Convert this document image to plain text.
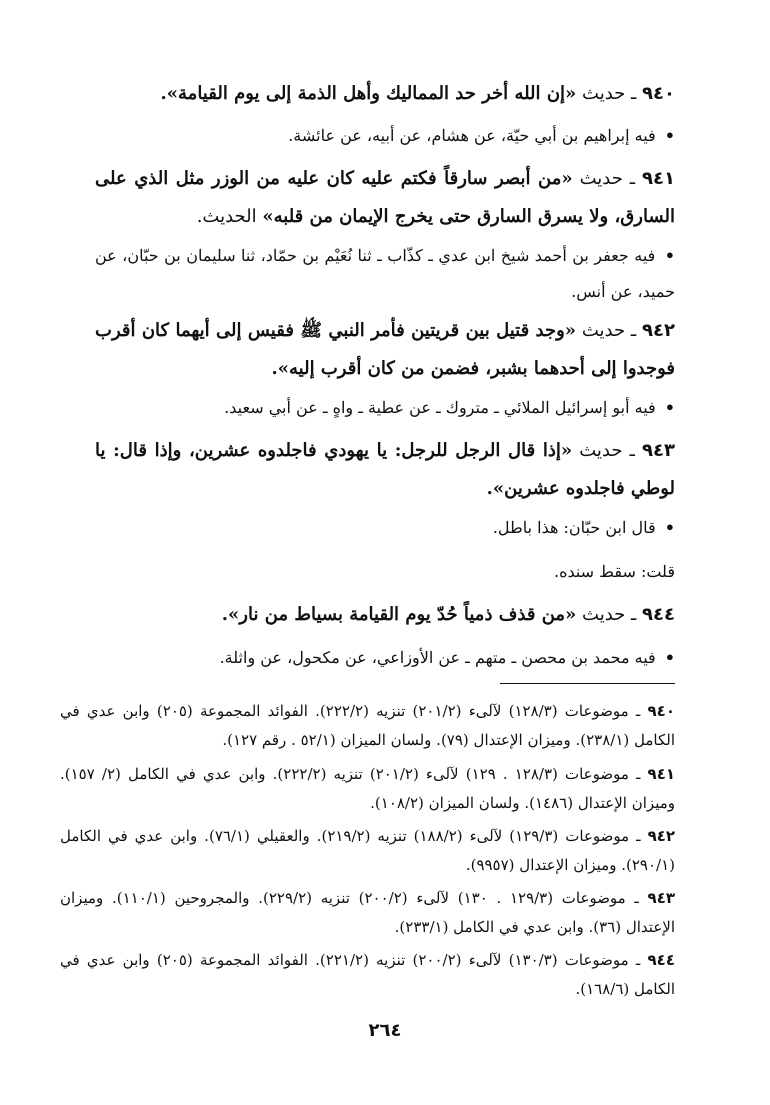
٩٤٠ ـ حديث «إن الله أخر حد المماليك وأهل الذمة إلى يوم القيامة».
• فيه إبراهيم بن أبي حيّة، عن هشام، عن أبيه، عن عائشة.
٩٤١ ـ حديث «من أبصر سارقاً فكتم عليه كان عليه من الوزر مثل الذي على السارق، ولا يسرق السارق حتى يخرج الإيمان من قلبه» الحديث.
• فيه جعفر بن أحمد شيخ ابن عدي ـ كذّاب ـ ثنا نُعَيْم بن حمّاد، ثنا سليمان بن حبّان، عن حميد، عن أنس.
٩٤٢ ـ حديث «وجد قتيل بين قريتين فأمر النبي ﷺ فقيس إلى أيهما كان أقرب فوجدوا إلى أحدهما بشبر، فضمن من كان أقرب إليه».
• فيه أبو إسرائيل الملائي ـ متروك ـ عن عطية ـ واهٍ ـ عن أبي سعيد.
٩٤٣ ـ حديث «إذا قال الرجل للرجل: يا يهودي فاجلدوه عشرين، وإذا قال: يا لوطي فاجلدوه عشرين».
• قال ابن حبّان: هذا باطل.
قلت: سقط سنده.
٩٤٤ ـ حديث «من قذف ذمياً حُدّ يوم القيامة بسياط من نار».
• فيه محمد بن محصن ـ متهم ـ عن الأوزاعي، عن مكحول، عن واثلة.
٩٤٠ ـ موضوعات (١٢٨/٣) لآلىء (٢٠١/٢) تنزيه (٢٢٢/٢). الفوائد المجموعة (٢٠٥) وابن عدي في الكامل (٢٣٨/١). وميزان الإعتدال (٧٩). ولسان الميزان (٥٢/١ . رقم ١٢٧).
٩٤١ ـ موضوعات (١٢٨/٣ . ١٢٩) لآلىء (٢٠١/٢) تنزيه (٢٢٢/٢). وابن عدي في الكامل (٢/ ١٥٧). وميزان الإعتدال (١٤٨٦). ولسان الميزان (١٠٨/٢).
٩٤٢ ـ موضوعات (١٢٩/٣) لآلىء (١٨٨/٢) تنزيه (٢١٩/٢). والعقيلي (٧٦/١). وابن عدي في الكامل (٢٩٠/١). وميزان الإعتدال (٩٩٥٧).
٩٤٣ ـ موضوعات (١٢٩/٣ . ١٣٠) لآلىء (٢٠٠/٢) تنزيه (٢٢٩/٢). والمجروحين (١١٠/١). وميزان الإعتدال (٣٦). وابن عدي في الكامل (٢٣٣/١).
٩٤٤ ـ موضوعات (١٣٠/٣) لآلىء (٢٠٠/٢) تنزيه (٢٢١/٢). الفوائد المجموعة (٢٠٥) وابن عدي في الكامل (١٦٨/٦).
٢٦٤
